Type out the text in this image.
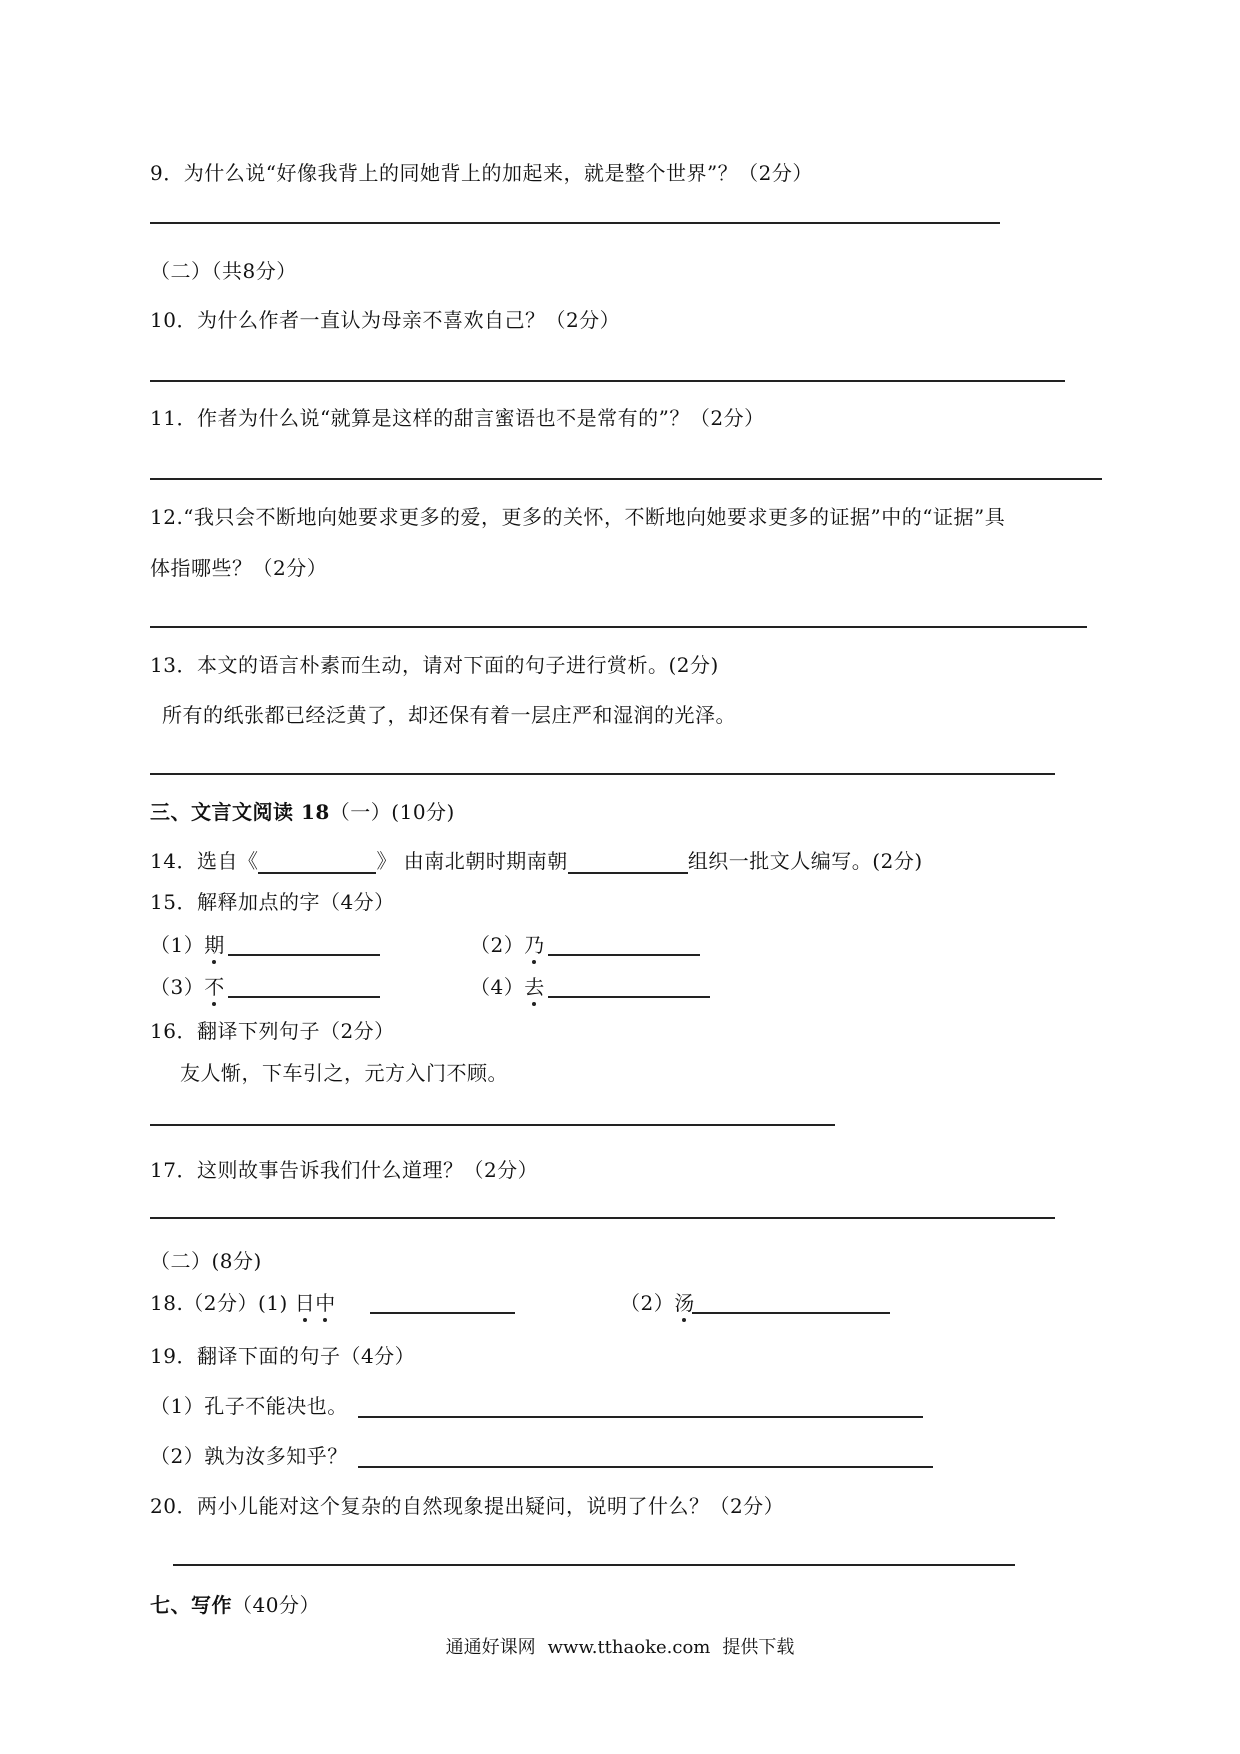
9．为什么说“好像我背上的同她背上的加起来，就是整个世界”？（2分）
（二）（共8分）
10．为什么作者一直认为母亲不喜欢自己？（2分）
11．作者为什么说“就算是这样的甜言蜜语也不是常有的”？（2分）
12.“我只会不断地向她要求更多的爱，更多的关怀，不断地向她要求更多的证据”中的“证据”具
体指哪些？（2分）
13．本文的语言朴素而生动，请对下面的句子进行赏析。(2分)
所有的纸张都已经泛黄了，却还保有着一层庄严和湿润的光泽。
三、文言文阅读 18（一）(10分)
14．选自《	》 由南北朝时期南朝	组织一批文人编写。(2分)
15．解释加点的字（4分）
（1）期	（2）乃
（3）不	（4）去
16．翻译下列句子（2分）
友人惭，下车引之，元方入门不顾。
17．这则故事告诉我们什么道理？（2分）
（二）(8分)
18.（2分）(1) 日中	（2）汤
19．翻译下面的句子（4分）
（1）孔子不能决也。
（2）孰为汝多知乎？
20．两小儿能对这个复杂的自然现象提出疑问，说明了什么？（2分）
七、写作（40分）
通通好课网 www.tthaoke.com 提供下载
